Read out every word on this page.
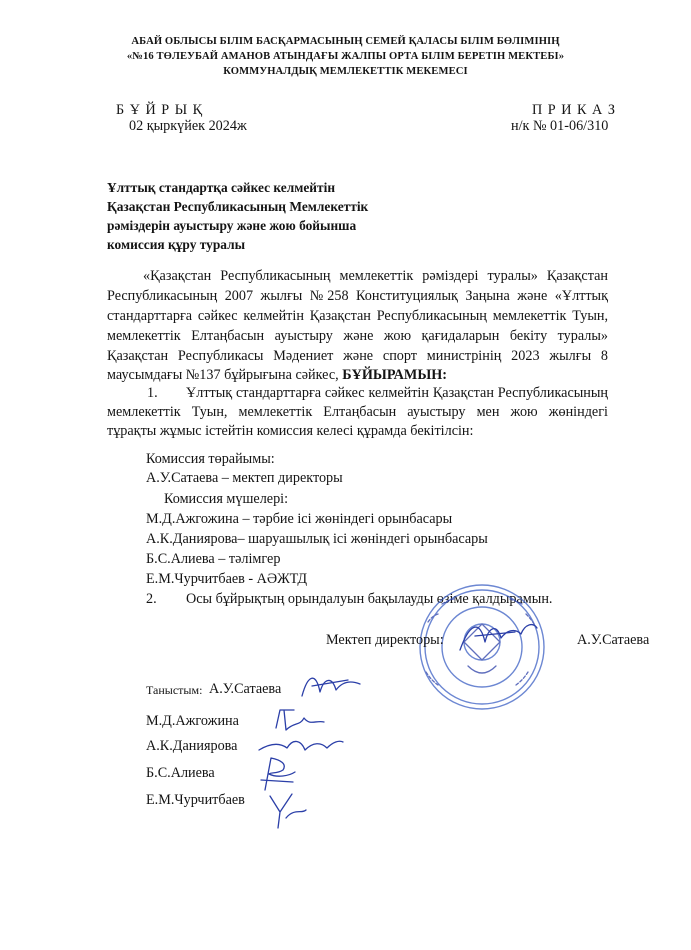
АБАЙ ОБЛЫСЫ БІЛІМ БАСҚАРМАСЫНЫҢ СЕМЕЙ ҚАЛАСЫ БІЛІМ БӨЛІМІНІҢ
«№16 ТӨЛЕУБАЙ АМАНОВ АТЫНДАҒЫ ЖАЛПЫ ОРТА БІЛІМ БЕРЕТІН МЕКТЕБІ»
КОММУНАЛДЫҚ МЕМЛЕКЕТТІК МЕКЕМЕСІ
Б Ұ Й Р Ы Қ
02 қыркүйек 2024ж
П Р И К А З
н/к № 01-06/310
Ұлттық стандартқа сәйкес келмейтін
Қазақстан Республикасының Мемлекеттік
рәміздерін ауыстыру және жою бойынша
комиссия құру туралы
«Қазақстан Республикасының мемлекеттік рәміздері туралы» Қазақстан
Республикасының 2007 жылғы №258 Конституциялық Заңына және «Ұлттық
стандарттарға сәйкес келмейтін Қазақстан Республикасының мемлекеттік Туын,
мемлекеттік Елтаңбасын ауыстыру және жою қағидаларын бекіту туралы»
Қазақстан Республикасы Мәдениет және спорт министрінің 2023 жылғы 8
маусымдағы №137 бұйрығына сәйкес, БҰЙЫРАМЫН:
1. Ұлттық стандарттарға сәйкес келмейтін Қазақстан Республикасының
мемлекеттік Туын, мемлекеттік Елтаңбасын ауыстыру мен жою жөніндегі
тұрақты жұмыс істейтін комиссия келесі құрамда бекітілсін:
Комиссия төрайымы:
А.У.Сатаева – мектеп директоры
Комиссия мүшелері:
М.Д.Ажгожина – тәрбие ісі жөніндегі орынбасары
А.К.Даниярова– шаруашылық ісі жөніндегі орынбасары
Б.С.Алиева – тәлімгер
Е.М.Чурчитбаев - АӘЖТД
2. Осы бұйрықтың орындалуын бақылауды өзіме қалдырамын.
Мектеп директоры:	А.У.Сатаева
Таныстым: А.У.Сатаева
М.Д.Ажгожина
А.К.Даниярова
Б.С.Алиева
Е.М.Чурчитбаев
